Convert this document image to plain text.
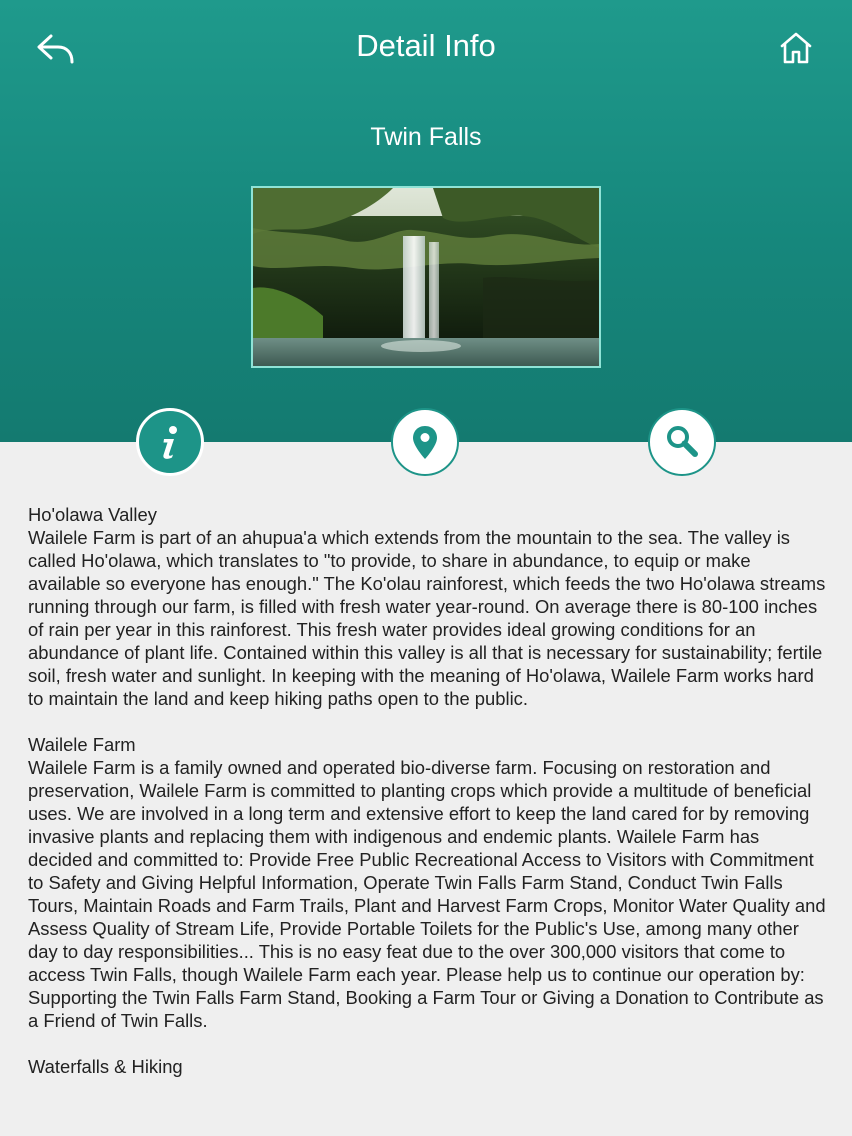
Detail Info
Twin Falls
Ho'olawa Valley
Wailele Farm is part of an ahupua'a which extends from the mountain to the sea. The valley is called Ho'olawa, which translates to "to provide, to share in abundance, to equip or make available so everyone has enough." The Ko'olau rainforest, which feeds the two Ho'olawa streams running through our farm, is filled with fresh water year-round. On average there is 80-100 inches of rain per year in this rainforest. This fresh water provides ideal growing conditions for an abundance of plant life. Contained within this valley is all that is necessary for sustainability; fertile soil, fresh water and sunlight. In keeping with the meaning of Ho'olawa, Wailele Farm works hard to maintain the land and keep hiking paths open to the public.
Wailele Farm
Wailele Farm is a family owned and operated bio-diverse farm. Focusing on restoration and preservation, Wailele Farm is committed to planting crops which provide a multitude of beneficial uses. We are involved in a long term and extensive effort to keep the land cared for by removing invasive plants and replacing them with indigenous and endemic plants. Wailele Farm has decided and committed to: Provide Free Public Recreational Access to Visitors with Commitment to Safety and Giving Helpful Information, Operate Twin Falls Farm Stand, Conduct Twin Falls Tours, Maintain Roads and Farm Trails, Plant and Harvest Farm Crops, Monitor Water Quality and Assess Quality of Stream Life, Provide Portable Toilets for the Public's Use, among many other day to day responsibilities... This is no easy feat due to the over 300,000 visitors that come to access Twin Falls, though Wailele Farm each year. Please help us to continue our operation by: Supporting the Twin Falls Farm Stand, Booking a Farm Tour or Giving a Donation to Contribute as a Friend of Twin Falls.
Waterfalls & Hiking
